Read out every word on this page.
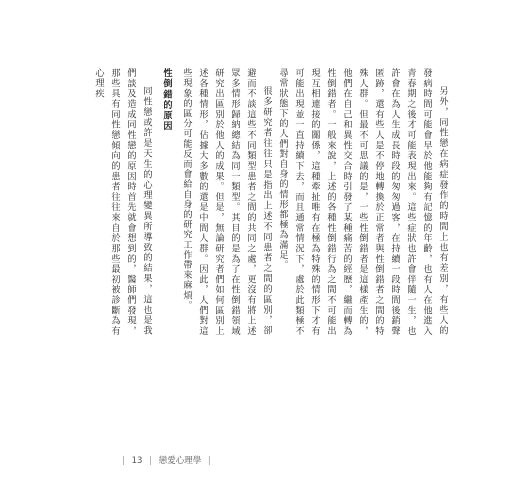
另外，同性戀在病症發作的時間上也有差別，有些人的發病時間可能會早於他能夠有記憶的年齡，也有人在他進入青春期之後才可能表現出來。這些症狀也許會伴隨一生，也許會在為人生成長時段的匆匆過客，在持續一段時間後銷聲匿跡，還有些人是不停地轉換於正常者與性倒錯者之間的特殊人群。但最不可思議的是，一些性倒錯者是這樣產生的，他們在自己和異性交合時引發了某種痛苦的經歷，繼而轉為性倒錯者。一般來說，上述的各種性倒錯行為之間不可能出現互相連接的關係，這種牽扯唯有在極為特殊的情形下才有可能出現並一直持續下去，而且通常情況下，處於此類極不尋常狀態下的人們對自身的情形都極為滿足。

很多研究者往往只是指出上述不同患者之間的區別，卻避而不談這些不同類型患者之間的共同之處，更沒有將上述眾多情形歸納總結為同一類型。其目的是為了在性倒錯領域研究出區別於他人的成果。但是，無論研究者們如何區別上述各種情形，佔據大多數的還是中間人群。因此，人們對這些現象的區分可能反而會給自身的研究工作帶來麻煩。

性倒錯的原因

同性戀或許是天生的心理變異所導致的結果，這也是我們談及造成同性戀的原因時首先就會想到的，醫師們發現，那些具有同性戀傾向的患者往往來自於那些最初被診斷為有心理疾

| 13 | 戀愛心理學 |
